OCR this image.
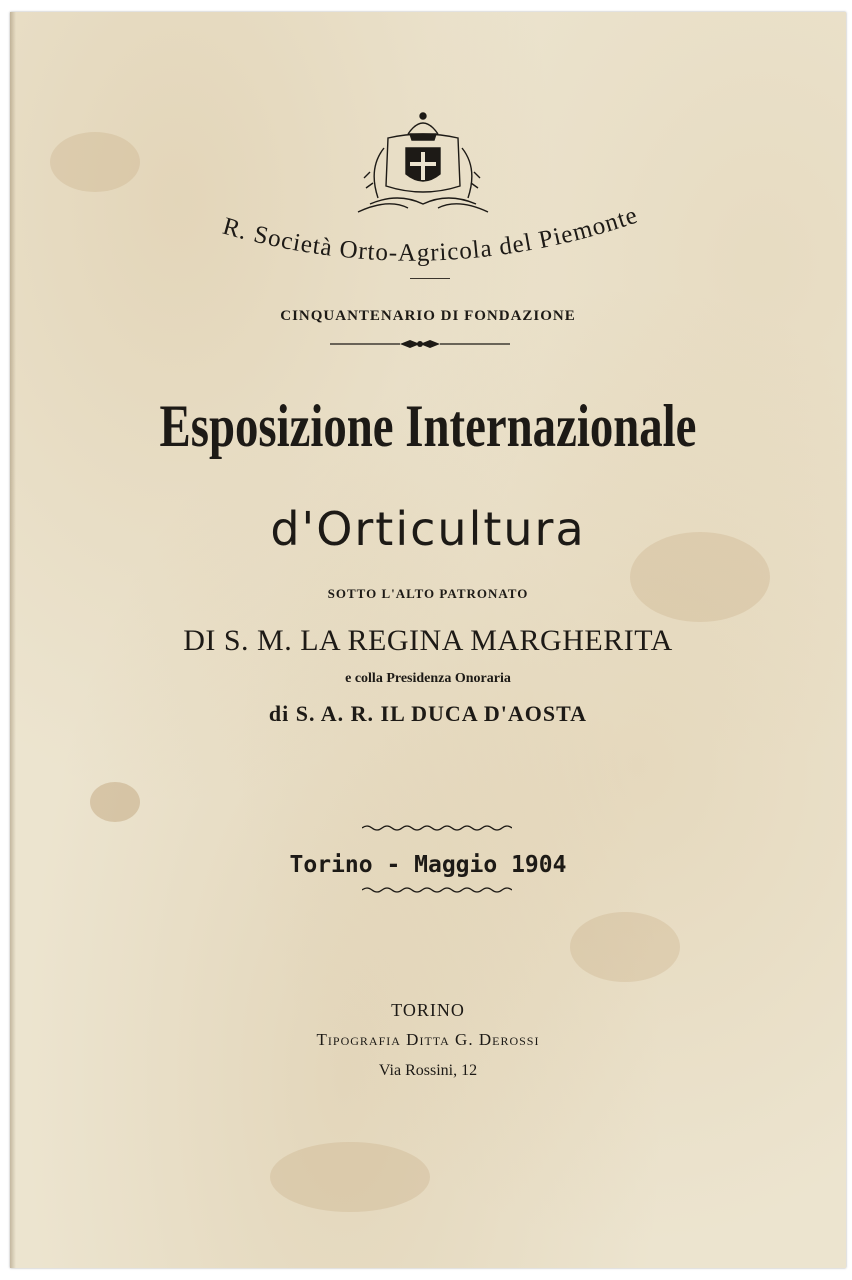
R. Società Orto-Agricola del Piemonte
CINQUANTENARIO DI FONDAZIONE
Esposizione Internazionale
d'Orticultura
SOTTO L'ALTO PATRONATO
DI S. M. LA REGINA MARGHERITA
e colla Presidenza Onoraria
di S. A. R. IL DUCA D'AOSTA
Torino - Maggio 1904
TORINO
Tipografia Ditta G. Derossi
Via Rossini, 12
